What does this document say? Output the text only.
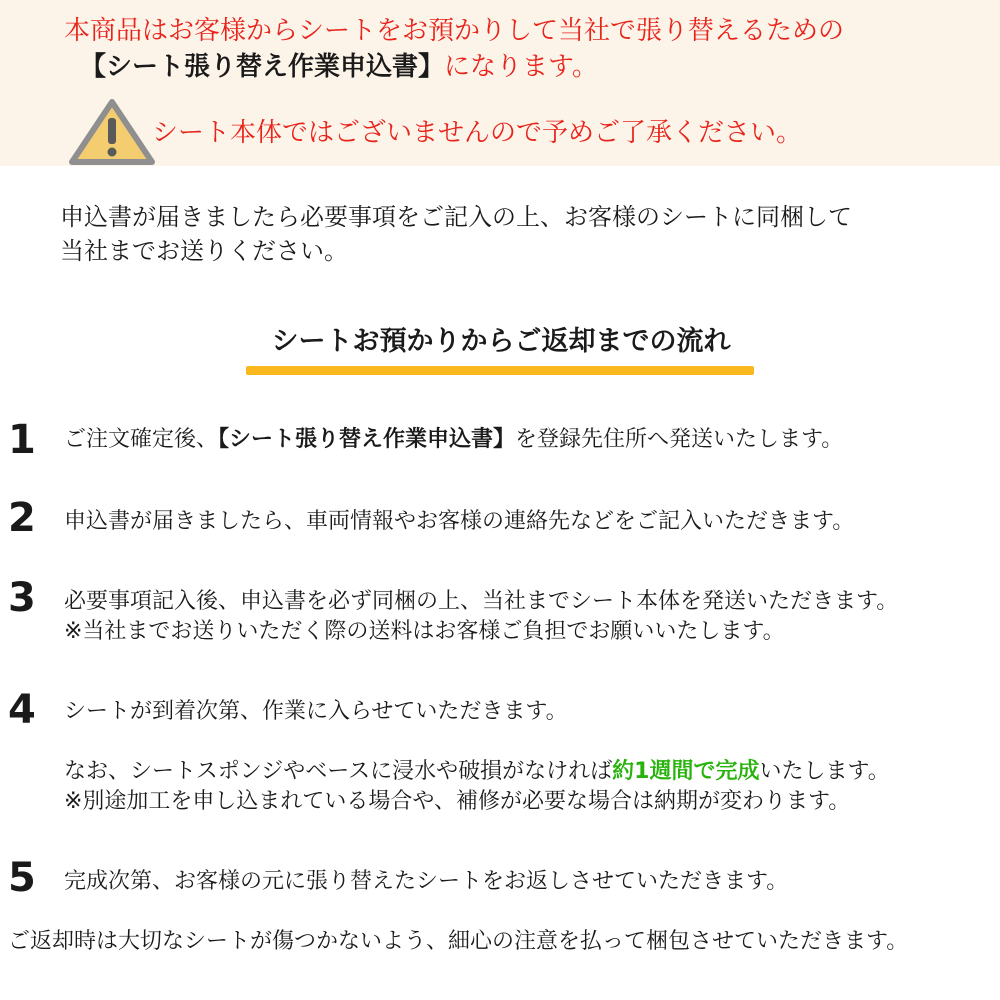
本商品はお客様からシートをお預かりして当社で張り替えるための
【シート張り替え作業申込書】になります。
シート本体ではございませんので予めご了承ください。
申込書が届きましたら必要事項をご記入の上、お客様のシートに同梱して
当社までお送りください。
シートお預かりからご返却までの流れ
1 ご注文確定後、【シート張り替え作業申込書】を登録先住所へ発送いたします。
2 申込書が届きましたら、車両情報やお客様の連絡先などをご記入いただきます。
3 必要事項記入後、申込書を必ず同梱の上、当社までシート本体を発送いただきます。
※当社までお送りいただく際の送料はお客様ご負担でお願いいたします。
4 シートが到着次第、作業に入らせていただきます。
なお、シートスポンジやベースに浸水や破損がなければ約1週間で完成いたします。
※別途加工を申し込まれている場合や、補修が必要な場合は納期が変わります。
5 完成次第、お客様の元に張り替えたシートをお返しさせていただきます。
ご返却時は大切なシートが傷つかないよう、細心の注意を払って梱包させていただきます。
